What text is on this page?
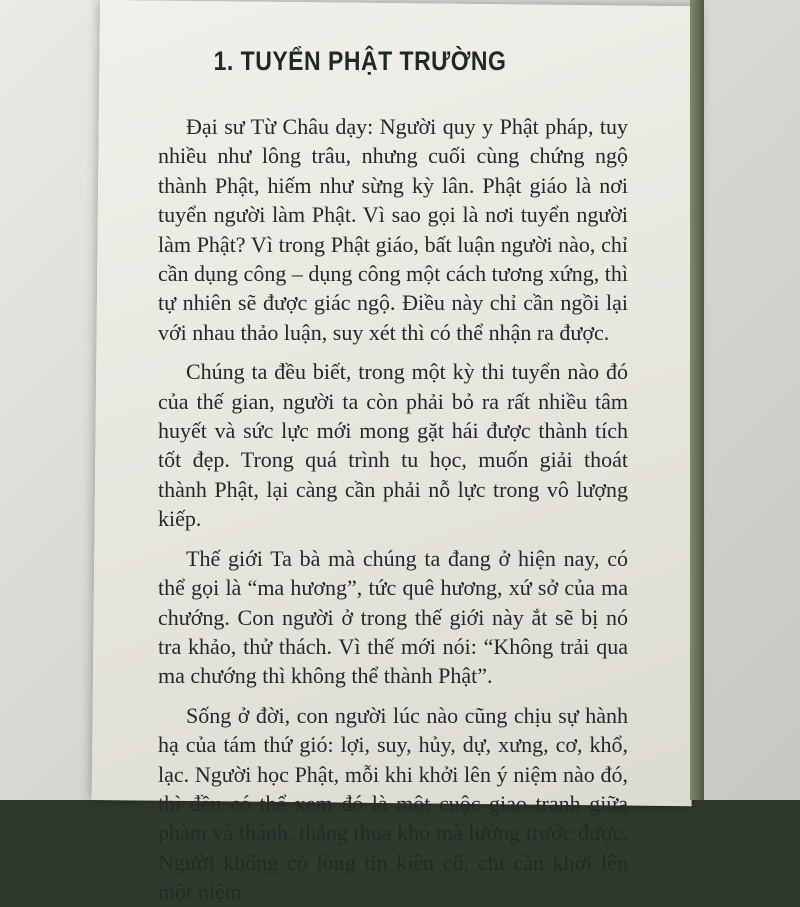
1. TUYỂN PHẬT TRƯỜNG

Đại sư Từ Châu dạy: Người quy y Phật pháp, tuy nhiều như lông trâu, nhưng cuối cùng chứng ngộ thành Phật, hiếm như sừng kỳ lân. Phật giáo là nơi tuyển người làm Phật. Vì sao gọi là nơi tuyển người làm Phật? Vì trong Phật giáo, bất luận người nào, chỉ cần dụng công – dụng công một cách tương xứng, thì tự nhiên sẽ được giác ngộ. Điều này chỉ cần ngồi lại với nhau thảo luận, suy xét thì có thể nhận ra được.

Chúng ta đều biết, trong một kỳ thi tuyển nào đó của thế gian, người ta còn phải bỏ ra rất nhiều tâm huyết và sức lực mới mong gặt hái được thành tích tốt đẹp. Trong quá trình tu học, muốn giải thoát thành Phật, lại càng cần phải nỗ lực trong vô lượng kiếp.

Thế giới Ta bà mà chúng ta đang ở hiện nay, có thể gọi là “ma hương”, tức quê hương, xứ sở của ma chướng. Con người ở trong thế giới này ắt sẽ bị nó tra khảo, thử thách. Vì thế mới nói: “Không trải qua ma chướng thì không thể thành Phật”.

Sống ở đời, con người lúc nào cũng chịu sự hành hạ của tám thứ gió: lợi, suy, hủy, dự, xưng, cơ, khổ, lạc. Người học Phật, mỗi khi khởi lên ý niệm nào đó, thì đều có thể xem đó là một cuộc giao tranh giữa phàm và thánh, thắng thua khó mà lường trước được. Người không có lòng tin kiên cố, chỉ cần khởi lên một niệm
